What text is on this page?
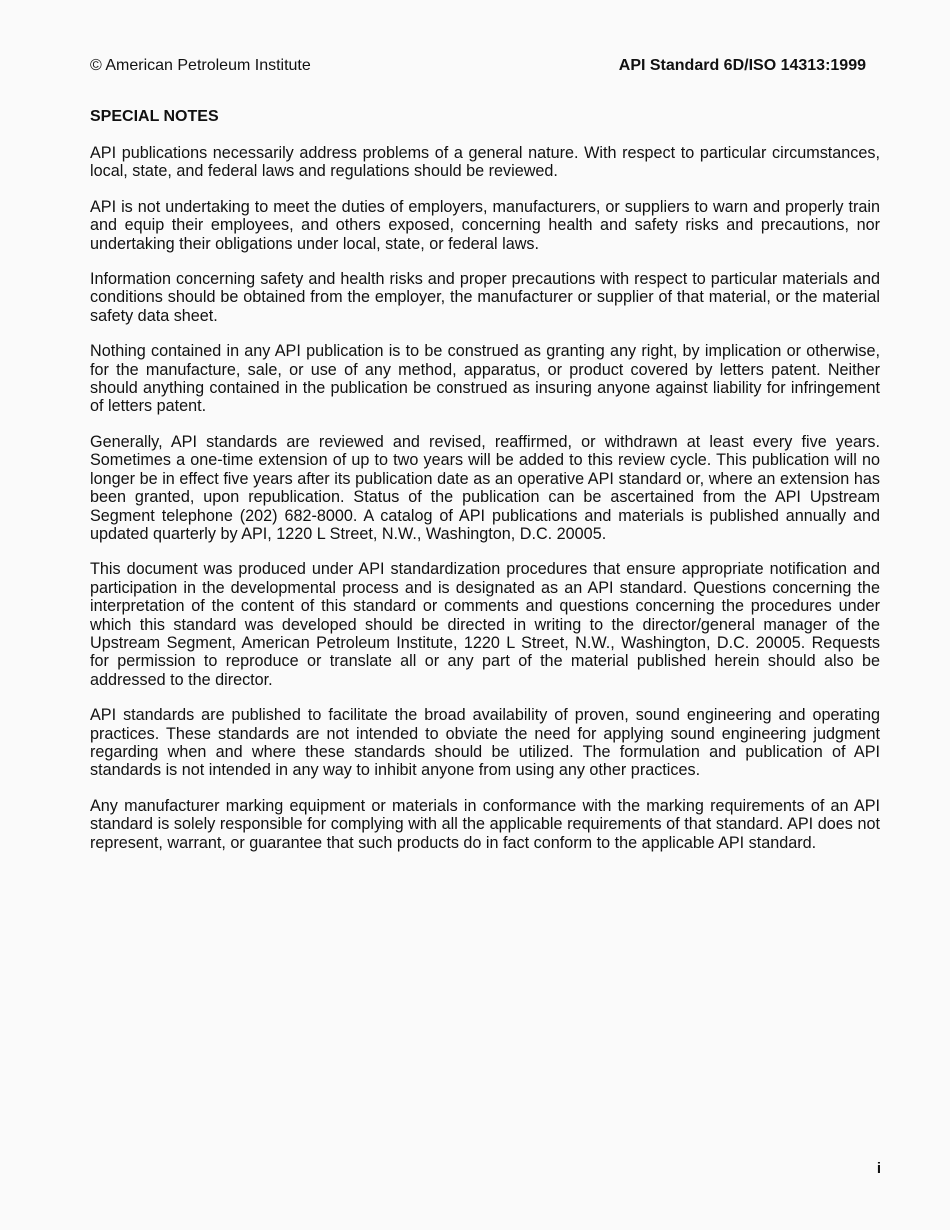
© American Petroleum Institute	API Standard 6D/ISO 14313:1999
SPECIAL NOTES

API publications necessarily address problems of a general nature. With respect to particular circumstances, local, state, and federal laws and regulations should be reviewed.

API is not undertaking to meet the duties of employers, manufacturers, or suppliers to warn and properly train and equip their employees, and others exposed, concerning health and safety risks and precautions, nor undertaking their obligations under local, state, or federal laws.

Information concerning safety and health risks and proper precautions with respect to particular materials and conditions should be obtained from the employer, the manufacturer or supplier of that material, or the material safety data sheet.

Nothing contained in any API publication is to be construed as granting any right, by implication or otherwise, for the manufacture, sale, or use of any method, apparatus, or product covered by letters patent. Neither should anything contained in the publication be construed as insuring anyone against liability for infringement of letters patent.

Generally, API standards are reviewed and revised, reaffirmed, or withdrawn at least every five years. Sometimes a one-time extension of up to two years will be added to this review cycle. This publication will no longer be in effect five years after its publication date as an operative API standard or, where an extension has been granted, upon republication. Status of the publication can be ascertained from the API Upstream Segment telephone (202) 682-8000. A catalog of API publications and materials is published annually and updated quarterly by API, 1220 L Street, N.W., Washington, D.C. 20005.

This document was produced under API standardization procedures that ensure appropriate notification and participation in the developmental process and is designated as an API standard. Questions concerning the interpretation of the content of this standard or comments and questions concerning the procedures under which this standard was developed should be directed in writing to the director/general manager of the Upstream Segment, American Petroleum Institute, 1220 L Street, N.W., Washington, D.C. 20005. Requests for permission to reproduce or translate all or any part of the material published herein should also be addressed to the director.

API standards are published to facilitate the broad availability of proven, sound engineering and operating practices. These standards are not intended to obviate the need for applying sound engineering judgment regarding when and where these standards should be utilized. The formulation and publication of API standards is not intended in any way to inhibit anyone from using any other practices.

Any manufacturer marking equipment or materials in conformance with the marking requirements of an API standard is solely responsible for complying with all the applicable requirements of that standard. API does not represent, warrant, or guarantee that such products do in fact conform to the applicable API standard.

i
